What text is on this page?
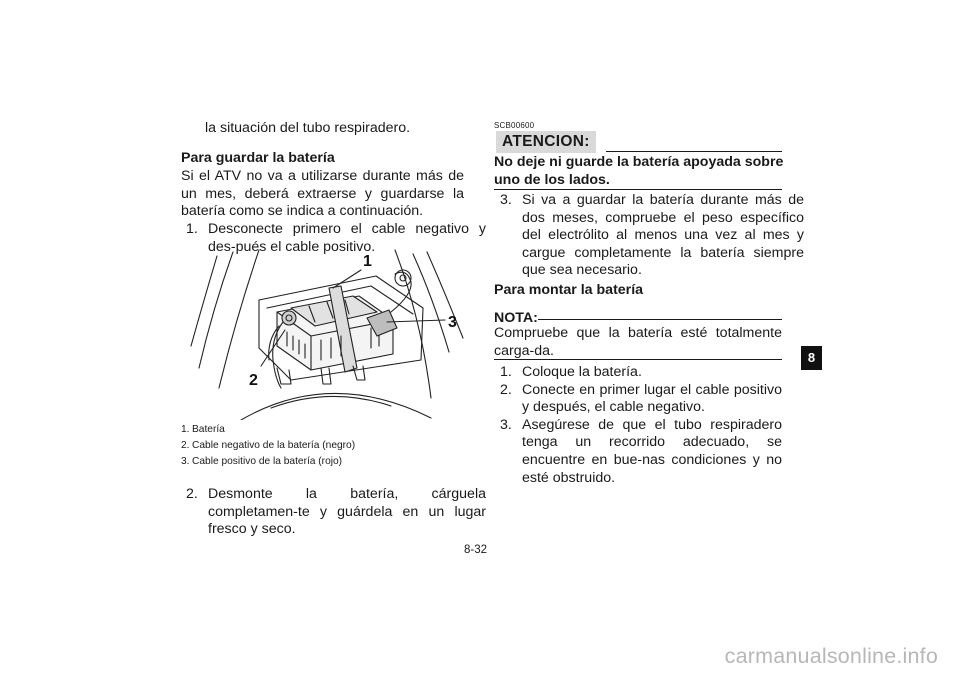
la situación del tubo respiradero.
Para guardar la batería
Si el ATV no va a utilizarse durante más de un mes, deberá extraerse y guardarse la batería como se indica a continuación.
1. Desconecte primero el cable negativo y des-pués el cable positivo.
1
2
3
1. Batería
2. Cable negativo de la batería (negro)
3. Cable positivo de la batería (rojo)
2. Desmonte la batería, cárguela completamen-te y guárdela en un lugar fresco y seco.
SCB00600
ATENCION:
No deje ni guarde la batería apoyada sobre uno de los lados.
3. Si va a guardar la batería durante más de dos meses, compruebe el peso específico del electrólito al menos una vez al mes y cargue completamente la batería siempre que sea necesario.
Para montar la batería
NOTA:
Compruebe que la batería esté totalmente carga-da.
1. Coloque la batería.
2. Conecte en primer lugar el cable positivo y después, el cable negativo.
3. Asegúrese de que el tubo respiradero tenga un recorrido adecuado, se encuentre en bue-nas condiciones y no esté obstruido.
8
8-32
carmanualsonline.info
